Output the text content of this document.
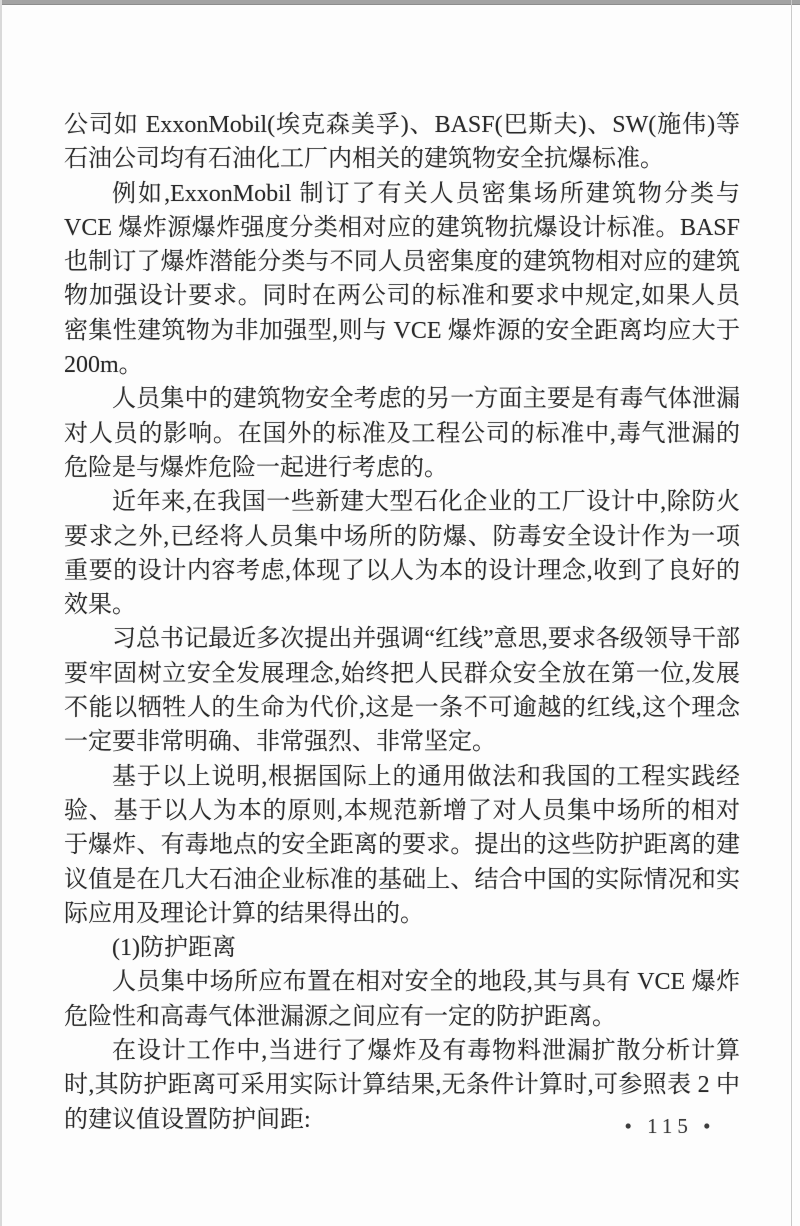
公司如 ExxonMobil(埃克森美孚)、BASF(巴斯夫)、SW(施伟)等石油公司均有石油化工厂内相关的建筑物安全抗爆标准。

例如,ExxonMobil 制订了有关人员密集场所建筑物分类与 VCE 爆炸源爆炸强度分类相对应的建筑物抗爆设计标准。BASF 也制订了爆炸潜能分类与不同人员密集度的建筑物相对应的建筑物加强设计要求。同时在两公司的标准和要求中规定,如果人员密集性建筑物为非加强型,则与 VCE 爆炸源的安全距离均应大于 200m。

人员集中的建筑物安全考虑的另一方面主要是有毒气体泄漏对人员的影响。在国外的标准及工程公司的标准中,毒气泄漏的危险是与爆炸危险一起进行考虑的。

近年来,在我国一些新建大型石化企业的工厂设计中,除防火要求之外,已经将人员集中场所的防爆、防毒安全设计作为一项重要的设计内容考虑,体现了以人为本的设计理念,收到了良好的效果。

习总书记最近多次提出并强调“红线”意思,要求各级领导干部要牢固树立安全发展理念,始终把人民群众安全放在第一位,发展不能以牺牲人的生命为代价,这是一条不可逾越的红线,这个理念一定要非常明确、非常强烈、非常坚定。

基于以上说明,根据国际上的通用做法和我国的工程实践经验、基于以人为本的原则,本规范新增了对人员集中场所的相对于爆炸、有毒地点的安全距离的要求。提出的这些防护距离的建议值是在几大石油企业标准的基础上、结合中国的实际情况和实际应用及理论计算的结果得出的。

(1)防护距离

人员集中场所应布置在相对安全的地段,其与具有 VCE 爆炸危险性和高毒气体泄漏源之间应有一定的防护距离。

在设计工作中,当进行了爆炸及有毒物料泄漏扩散分析计算时,其防护距离可采用实际计算结果,无条件计算时,可参照表 2 中的建议值设置防护间距:	• 115 •
